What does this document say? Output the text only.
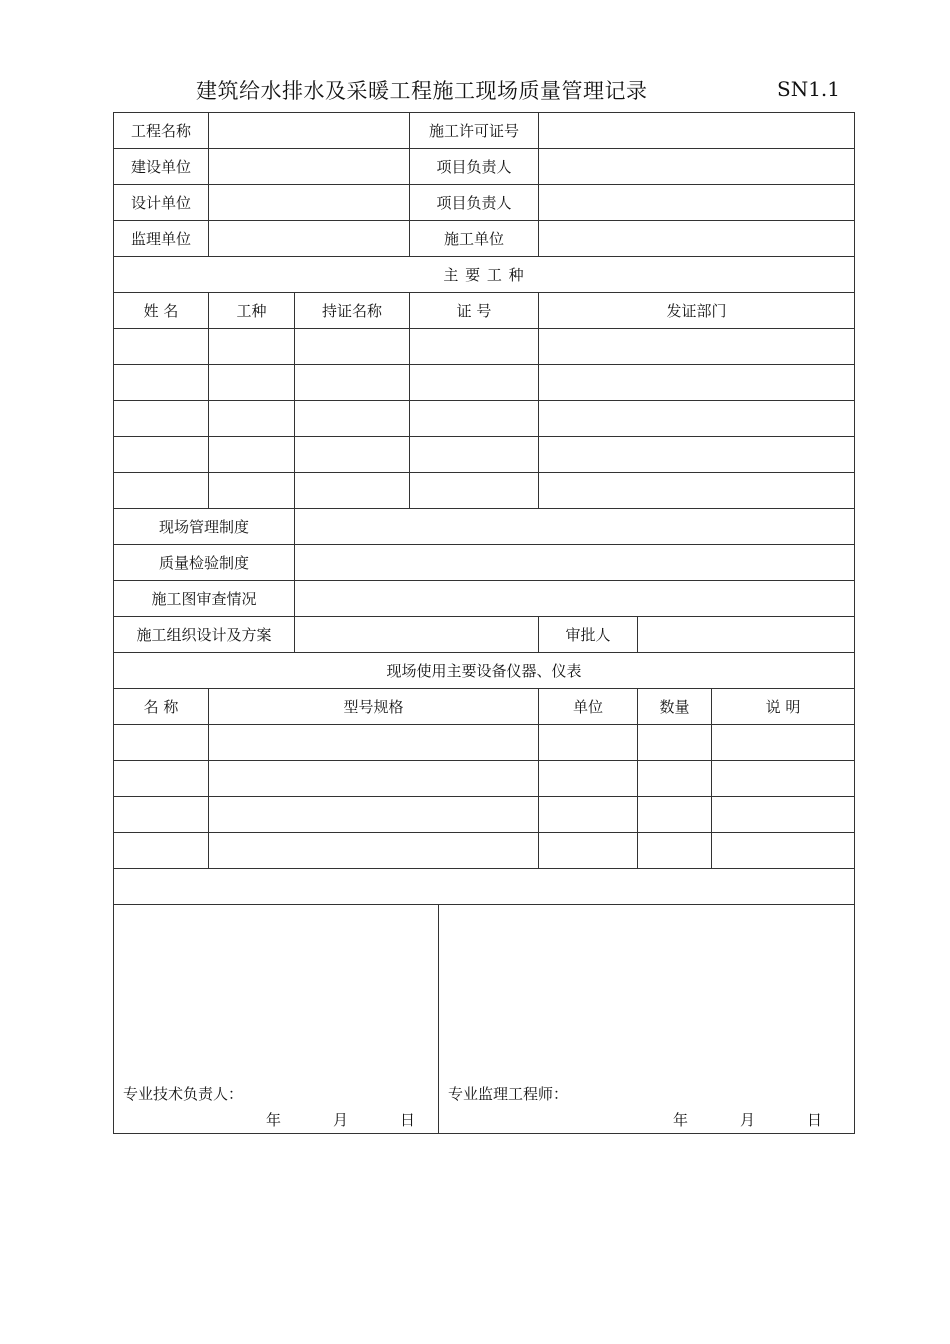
建筑给水排水及采暖工程施工现场质量管理记录	SN1.1
工程名称	施工许可证号
建设单位	项目负责人
设计单位	项目负责人
监理单位	施工单位
主 要 工 种
姓 名	工种	持证名称	证 号	发证部门
现场管理制度
质量检验制度
施工图审查情况
施工组织设计及方案	审批人
现场使用主要设备仪器、仪表
名 称	型号规格	单位	数量	说 明
专业技术负责人：
年	月	日
专业监理工程师：
年	月	日
